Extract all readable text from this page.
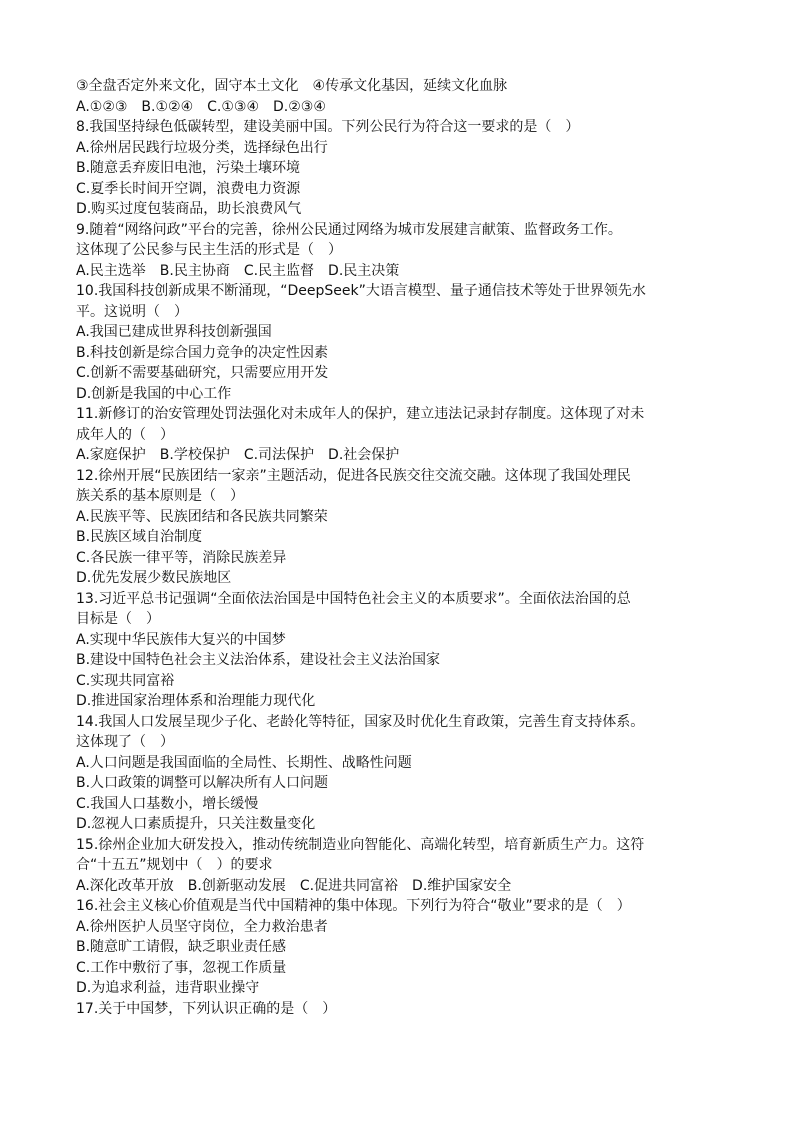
③全盘否定外来文化，固守本土文化　④传承文化基因，延续文化血脉
A.①②③　B.①②④　C.①③④　D.②③④
8.我国坚持绿色低碳转型，建设美丽中国。下列公民行为符合这一要求的是（　）
A.徐州居民践行垃圾分类，选择绿色出行
B.随意丢弃废旧电池，污染土壤环境
C.夏季长时间开空调，浪费电力资源
D.购买过度包装商品，助长浪费风气
9.随着“网络问政”平台的完善，徐州公民通过网络为城市发展建言献策、监督政务工作。
这体现了公民参与民主生活的形式是（　）
A.民主选举　B.民主协商　C.民主监督　D.民主决策
10.我国科技创新成果不断涌现，“DeepSeek”大语言模型、量子通信技术等处于世界领先水
平。这说明（　）
A.我国已建成世界科技创新强国
B.科技创新是综合国力竞争的决定性因素
C.创新不需要基础研究，只需要应用开发
D.创新是我国的中心工作
11.新修订的治安管理处罚法强化对未成年人的保护，建立违法记录封存制度。这体现了对未
成年人的（　）
A.家庭保护　B.学校保护　C.司法保护　D.社会保护
12.徐州开展“民族团结一家亲”主题活动，促进各民族交往交流交融。这体现了我国处理民
族关系的基本原则是（　）
A.民族平等、民族团结和各民族共同繁荣
B.民族区域自治制度
C.各民族一律平等，消除民族差异
D.优先发展少数民族地区
13.习近平总书记强调“全面依法治国是中国特色社会主义的本质要求”。全面依法治国的总
目标是（　）
A.实现中华民族伟大复兴的中国梦
B.建设中国特色社会主义法治体系，建设社会主义法治国家
C.实现共同富裕
D.推进国家治理体系和治理能力现代化
14.我国人口发展呈现少子化、老龄化等特征，国家及时优化生育政策，完善生育支持体系。
这体现了（　）
A.人口问题是我国面临的全局性、长期性、战略性问题
B.人口政策的调整可以解决所有人口问题
C.我国人口基数小，增长缓慢
D.忽视人口素质提升，只关注数量变化
15.徐州企业加大研发投入，推动传统制造业向智能化、高端化转型，培育新质生产力。这符
合“十五五”规划中（　）的要求
A.深化改革开放　B.创新驱动发展　C.促进共同富裕　D.维护国家安全
16.社会主义核心价值观是当代中国精神的集中体现。下列行为符合“敬业”要求的是（　）
A.徐州医护人员坚守岗位，全力救治患者
B.随意旷工请假，缺乏职业责任感
C.工作中敷衍了事，忽视工作质量
D.为追求利益，违背职业操守
17.关于中国梦，下列认识正确的是（　）
